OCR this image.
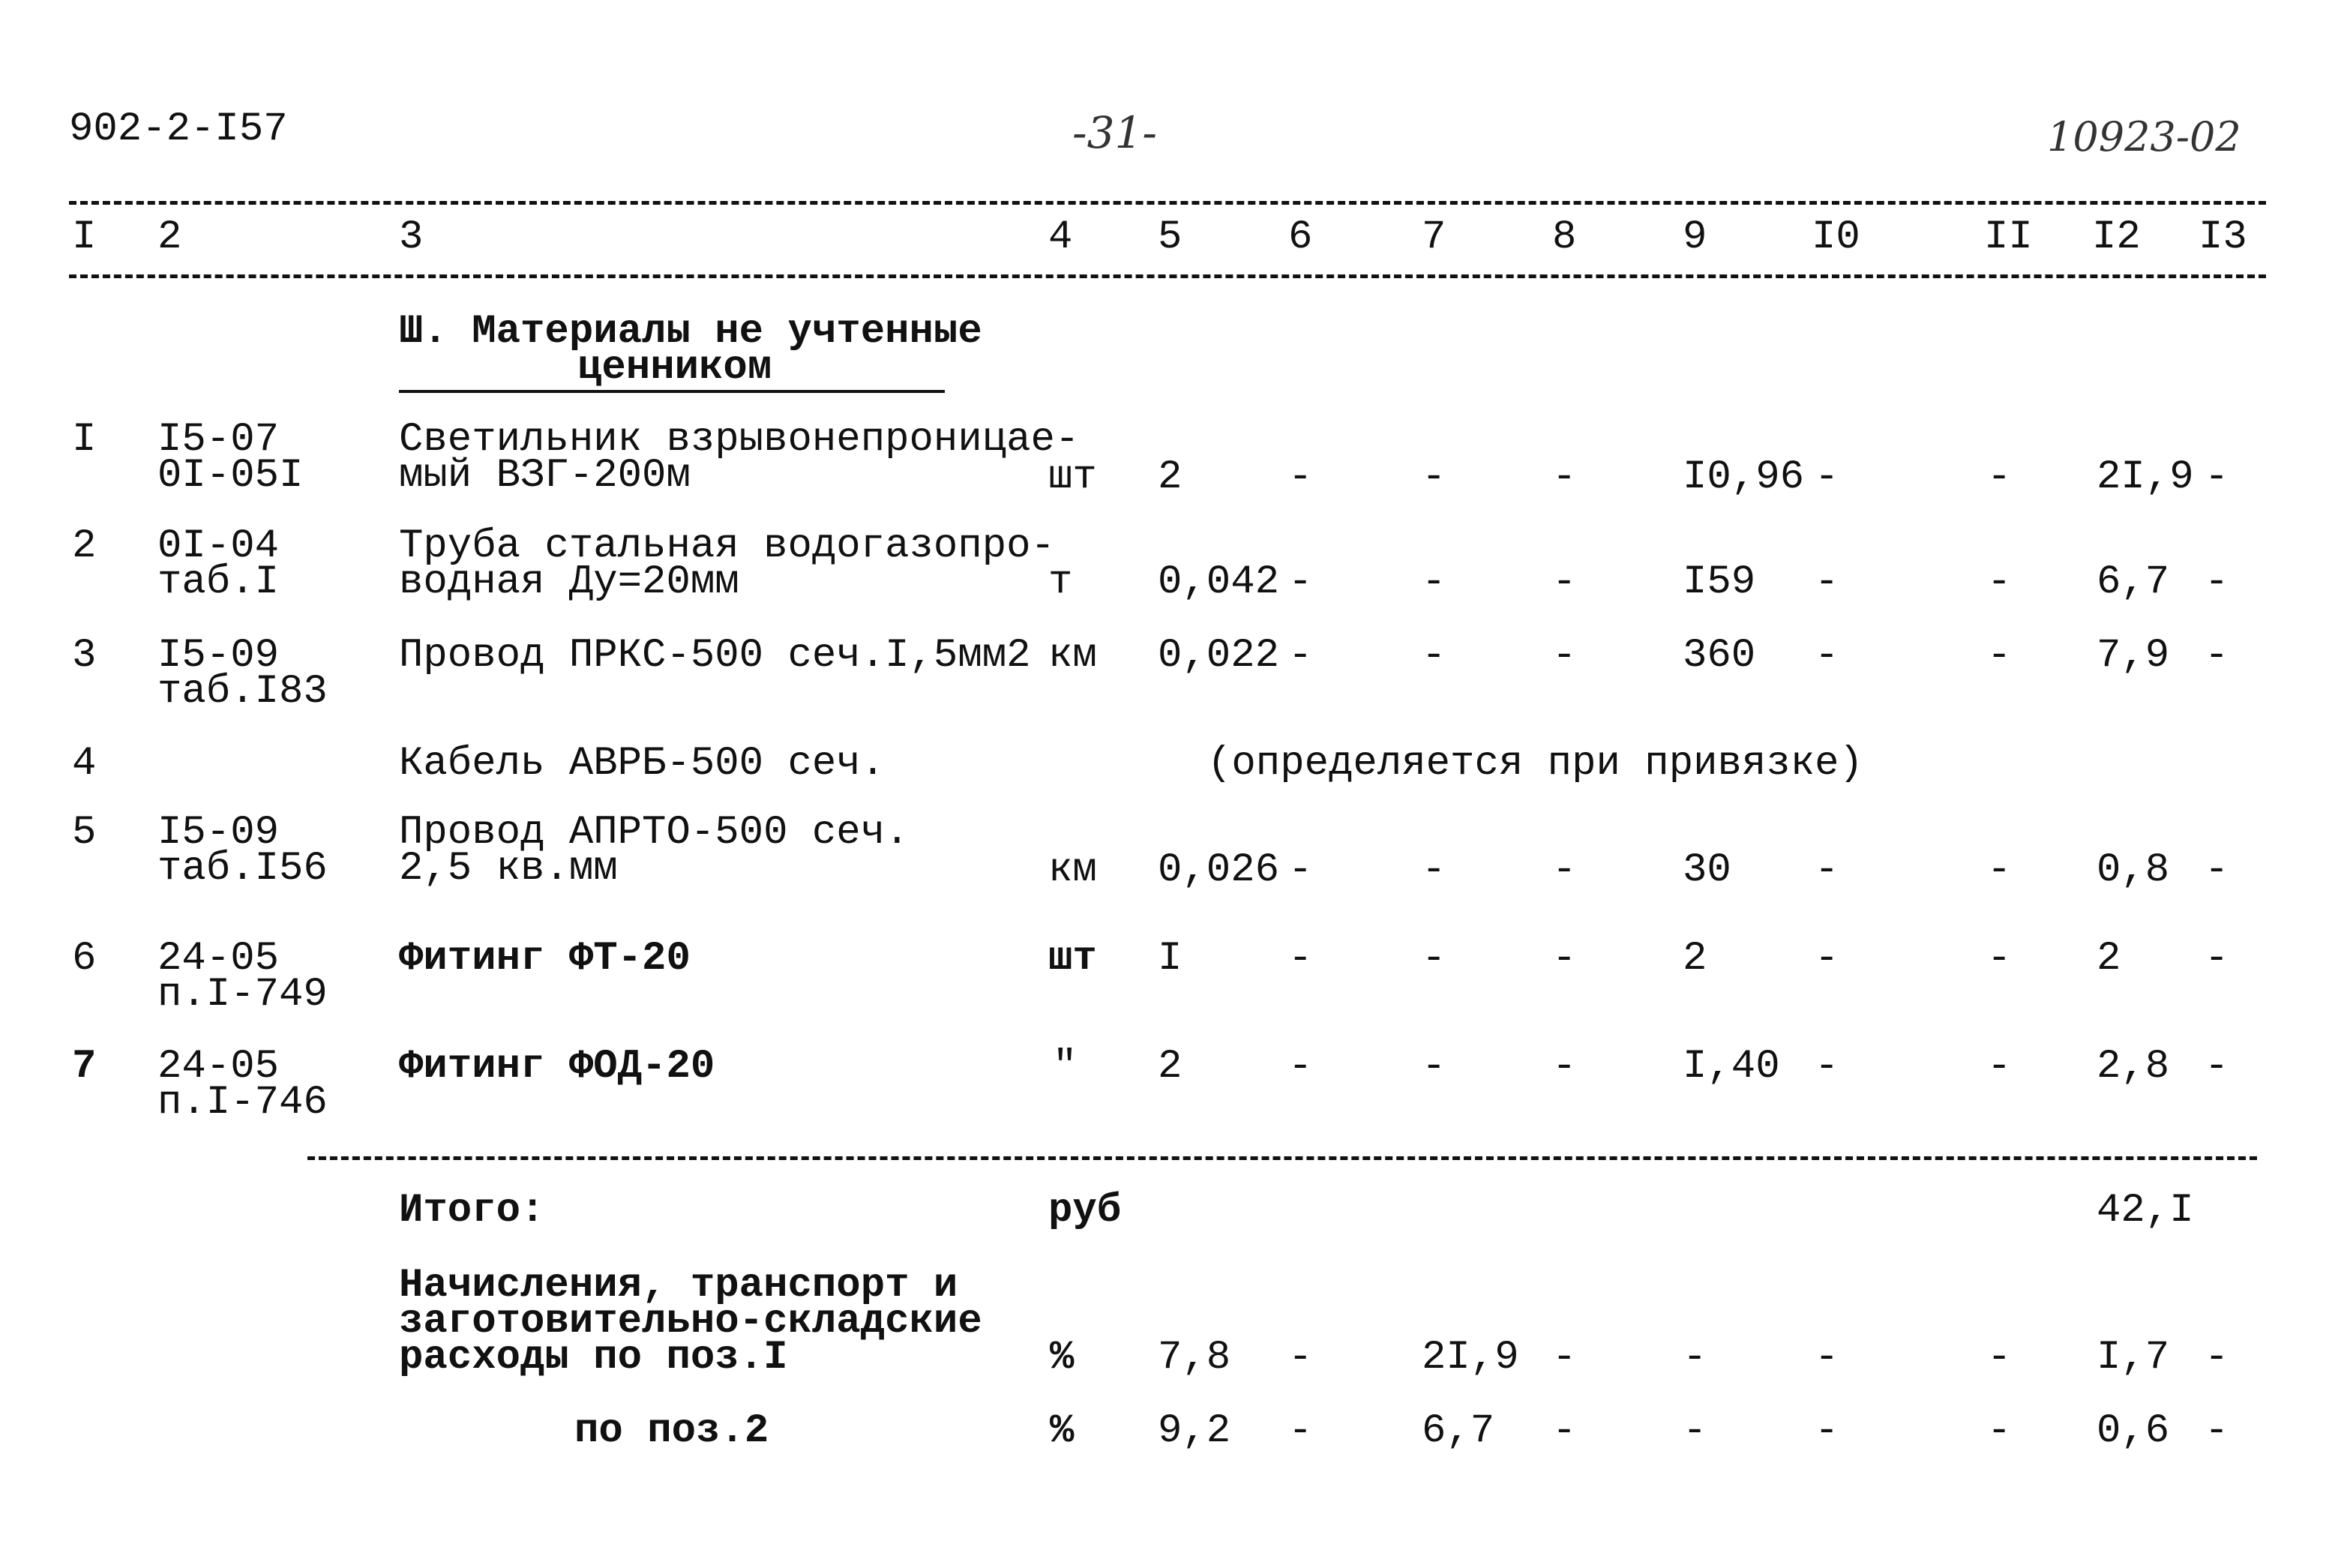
902-2-I57	-31-	10923-02
I 2	3	4 5	6	7	8	9	I0	II I2 I3
Ш. Материалы не учтенные
ценником
I I5-07
0I-05I
Светильник взрывонепроницае-
мый ВЗГ-200м	шт 2	-	-	-	I0,96 -	- 2I,9 -
2 0I-04
таб.I
Труба стальная водогазопро-
водная Ду=20мм	т 0,042 -	-	-	I59 -	- 6,7 -
3 I5-09
таб.I83
Провод ПРКС-500 сеч.I,5мм2 км 0,022 -	-	-	360 -	- 7,9 -
4	Кабель АВРБ-500 сеч.	(определяется при привязке)
5 I5-09
таб.I56
Провод АПРТО-500 сеч.
2,5 кв.мм	км 0,026 -	-	-	30 -	- 0,8 -
6 24-05
п.I-749
Фитинг ФТ-20	шт I	-	-	-	2	-	- 2 -
7 24-05
п.I-746
Фитинг ФОД-20	" 2	-	-	-	I,40 -	- 2,8 -
Итого:	руб	42,I
Начисления, транспорт и
заготовительно-складские
расходы по поз.I	% 7,8 -	2I,9 -	-	-	- I,7 -
по поз.2	% 9,2 -	6,7 -	-	-	- 0,6 -
